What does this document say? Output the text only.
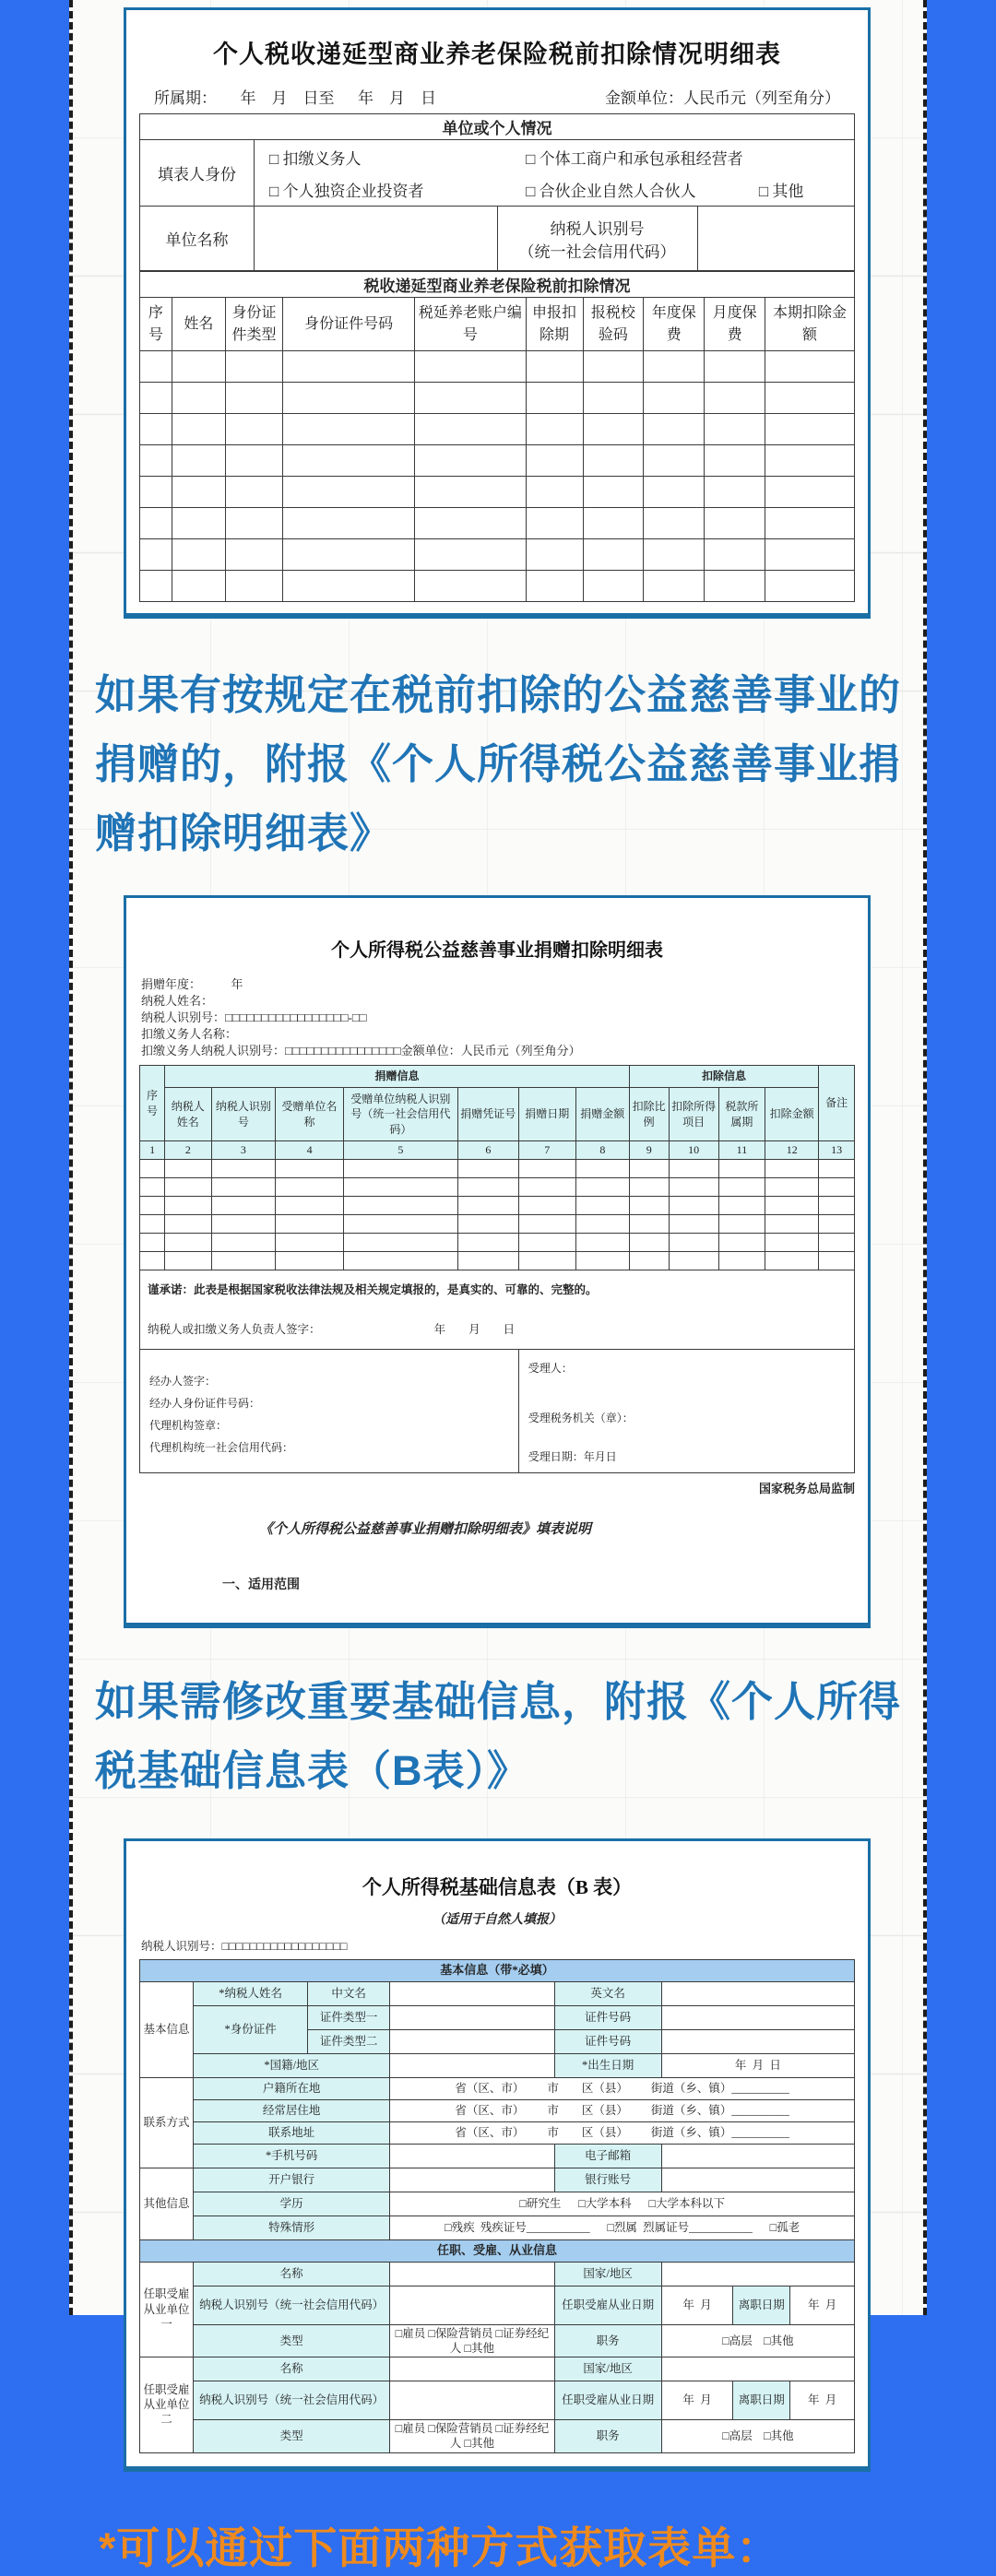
个人税收递延型商业养老保险税前扣除情况明细表
所属期：      年    月    日至      年    月    日	金额单位：人民币元（列至角分）
单位或个人情况			
填表人身份	□ 扣缴义务人 □ 个体工商户和承包承租经营者
□ 个人独资企业投资者 □ 合伙企业自然人合伙人 □ 其他		

单位名称		纳税人识别号
（统一社会信用代码）	

税收递延型商业养老保险税前扣除情况									
序号	姓名	身份证件类型	身份证件号码	税延养老账户编号	申报扣除期	报税校验码	年度保费	月度保费	本期扣除金额

如果有按规定在税前扣除的公益慈善事业的
捐赠的，附报《个人所得税公益慈善事业捐
赠扣除明细表》
个人所得税公益慈善事业捐赠扣除明细表
捐赠年度：          年
纳税人姓名：
纳税人识别号：□□□□□□□□□□□□□□□□□-□□
扣缴义务人名称：
扣缴义务人纳税人识别号：□□□□□□□□□□□□□□□□金额单位：人民币元（列至角分）
序号	捐赠信息							扣除信息				备注
	纳税人姓名	纳税人识别号	受赠单位名称	受赠单位纳税人识别号（统一社会信用代码）	捐赠凭证号	捐赠日期	捐赠金额	扣除比例	扣除所得项目	税款所属期	扣除金额	
1	2	3	4	5	6	7	8	9	10	11	12	13

谨承诺：此表是根据国家税收法律法规及相关规定填报的，是真实的、可靠的、完整的。
纳税人或扣缴义务人负责人签字： 年        月        日												

经办人签字：
经办人身份证件号码：
代理机构签章：
代理机构统一社会信用代码：

受理人：
受理税务机关（章）：
受理日期：年月日
国家税务总局监制
《个人所得税公益慈善事业捐赠扣除明细表》填表说明
一、适用范围
如果需修改重要基础信息，附报《个人所得
税基础信息表（B表）》
个人所得税基础信息表（B 表）
（适用于自然人填报）
纳税人识别号：□□□□□□□□□□□□□□□□□□
基本信息（带*必填）							
基本信息	*纳税人姓名	中文名		英文名			
	*身份证件	证件类型一		证件号码			
		证件类型二		证件号码			
	*国籍/地区			*出生日期	年  月  日		
联系方式	户籍所在地		省（区、市）        市        区（县）        街道（乡、镇）__________				
	经常居住地		省（区、市）        市        区（县）        街道（乡、镇）__________				
	联系地址		省（区、市）        市        区（县）        街道（乡、镇）__________				
	*手机号码			电子邮箱			
其他信息	开户银行			银行账号			
	学历		□研究生      □大学本科      □大学本科以下				
	特殊情形		□残疾  残疾证号___________      □烈属  烈属证号___________      □孤老				
任职、受雇、从业信息							
任职受雇从业单位一	名称			国家/地区			
	纳税人识别号（统一社会信用代码）			任职受雇从业日期	年  月	离职日期	年  月
	类型		□雇员 □保险营销员 □证券经纪人 □其他	职务	□高层    □其他		
任职受雇从业单位二	名称			国家/地区			
	纳税人识别号（统一社会信用代码）			任职受雇从业日期	年  月	离职日期	年  月
	类型		□雇员 □保险营销员 □证券经纪人 □其他	职务	□高层    □其他		
*可以通过下面两种方式获取表单：
